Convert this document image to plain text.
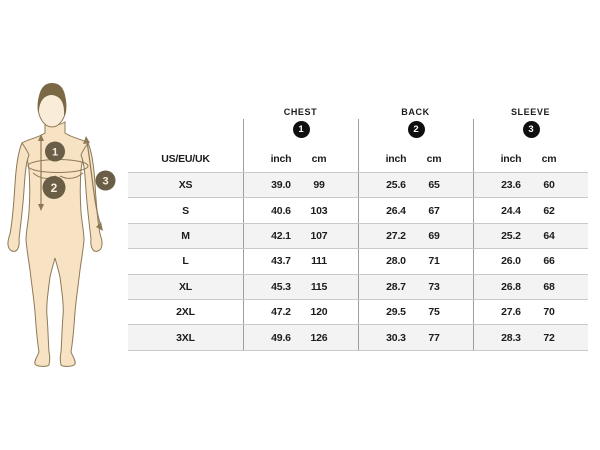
1
2	3
CHEST	BACK	SLEEVE
1	2	3
US/EU/UK	inch	cm	inch	cm	inch	cm
XS	39.0	99	25.6	65	23.6	60
S	40.6	103	26.4	67	24.4	62
M	42.1	107	27.2	69	25.2	64
L	43.7	111	28.0	71	26.0	66
XL	45.3	115	28.7	73	26.8	68
2XL	47.2	120	29.5	75	27.6	70
3XL	49.6	126	30.3	77	28.3	72
